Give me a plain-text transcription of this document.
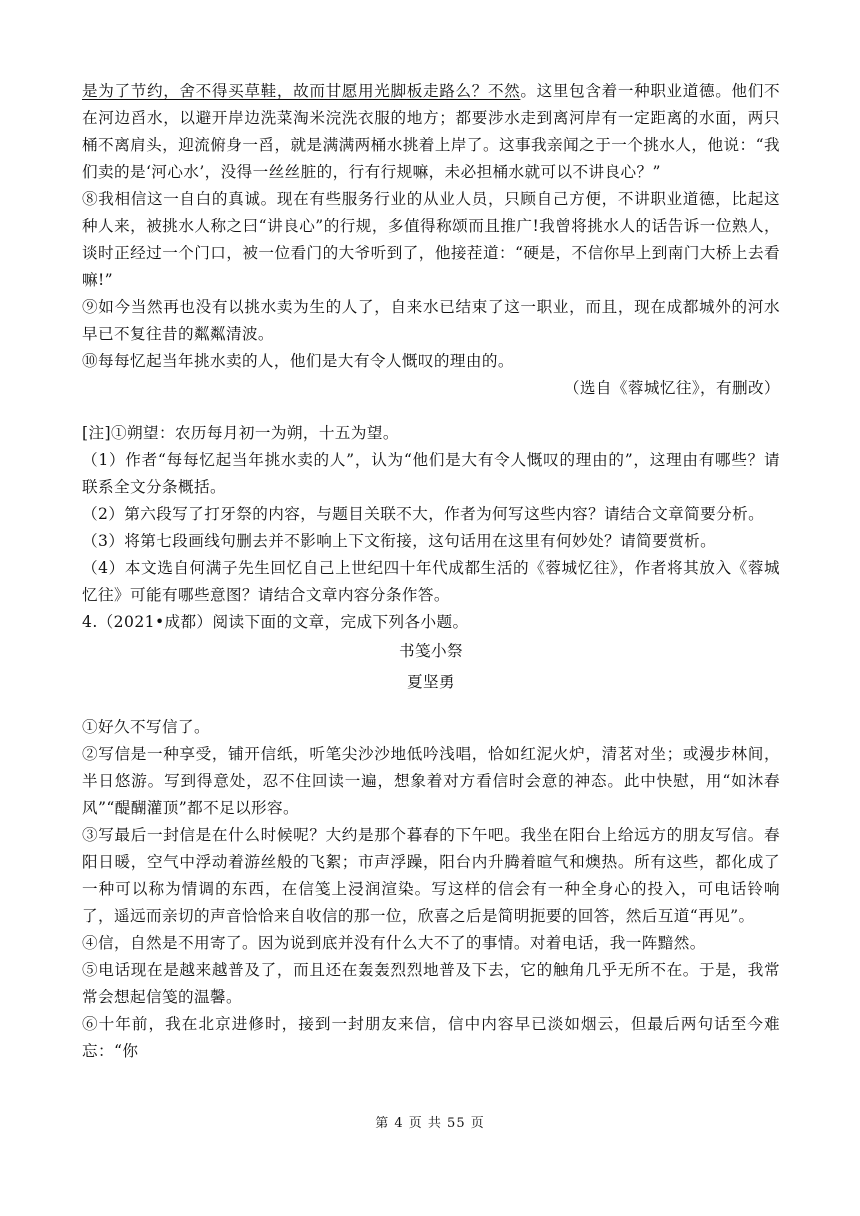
是为了节约，舍不得买草鞋，故而甘愿用光脚板走路么？不然。这里包含着一种职业道德。他们不在河边舀水，以避开岸边洗菜淘米浣洗衣服的地方；都要涉水走到离河岸有一定距离的水面，两只桶不离肩头，迎流俯身一舀，就是满满两桶水挑着上岸了。这事我亲闻之于一个挑水人，他说：“我们卖的是‘河心水’，没得一丝丝脏的，行有行规嘛，未必担桶水就可以不讲良心？”

⑧我相信这一自白的真诚。现在有些服务行业的从业人员，只顾自己方便，不讲职业道德，比起这种人来，被挑水人称之曰“讲良心”的行规，多值得称颂而且推广!我曾将挑水人的话告诉一位熟人，谈时正经过一个门口，被一位看门的大爷听到了，他接茬道：“硬是，不信你早上到南门大桥上去看嘛!”

⑨如今当然再也没有以挑水卖为生的人了，自来水已结束了这一职业，而且，现在成都城外的河水早已不复往昔的粼粼清波。

⑩每每忆起当年挑水卖的人，他们是大有令人慨叹的理由的。

（选自《蓉城忆往》，有删改）

[注]①朔望：农历每月初一为朔，十五为望。

（1）作者“每每忆起当年挑水卖的人”，认为“他们是大有令人慨叹的理由的”，这理由有哪些？请联系全文分条概括。

（2）第六段写了打牙祭的内容，与题目关联不大，作者为何写这些内容？请结合文章简要分析。

（3）将第七段画线句删去并不影响上下文衔接，这句话用在这里有何妙处？请简要赏析。

（4）本文选自何满子先生回忆自己上世纪四十年代成都生活的《蓉城忆往》，作者将其放入《蓉城忆往》可能有哪些意图？请结合文章内容分条作答。

4.（2021•成都）阅读下面的文章，完成下列各小题。

书笺小祭

夏坚勇

①好久不写信了。

②写信是一种享受，铺开信纸，听笔尖沙沙地低吟浅唱，恰如红泥火炉，清茗对坐；或漫步林间，半日悠游。写到得意处，忍不住回读一遍，想象着对方看信时会意的神态。此中快慰，用“如沐春风”“醍醐灌顶”都不足以形容。

③写最后一封信是在什么时候呢？大约是那个暮春的下午吧。我坐在阳台上给远方的朋友写信。春阳日暖，空气中浮动着游丝般的飞絮；市声浮躁，阳台内升腾着暄气和燠热。所有这些，都化成了一种可以称为情调的东西，在信笺上浸润渲染。写这样的信会有一种全身心的投入，可电话铃响了，遥远而亲切的声音恰恰来自收信的那一位，欣喜之后是简明扼要的回答，然后互道“再见”。

④信，自然是不用寄了。因为说到底并没有什么大不了的事情。对着电话，我一阵黯然。

⑤电话现在是越来越普及了，而且还在轰轰烈烈地普及下去，它的触角几乎无所不在。于是，我常常会想起信笺的温馨。

⑥十年前，我在北京进修时，接到一封朋友来信，信中内容早已淡如烟云，但最后两句话至今难忘：“你

第 4 页 共 55 页
